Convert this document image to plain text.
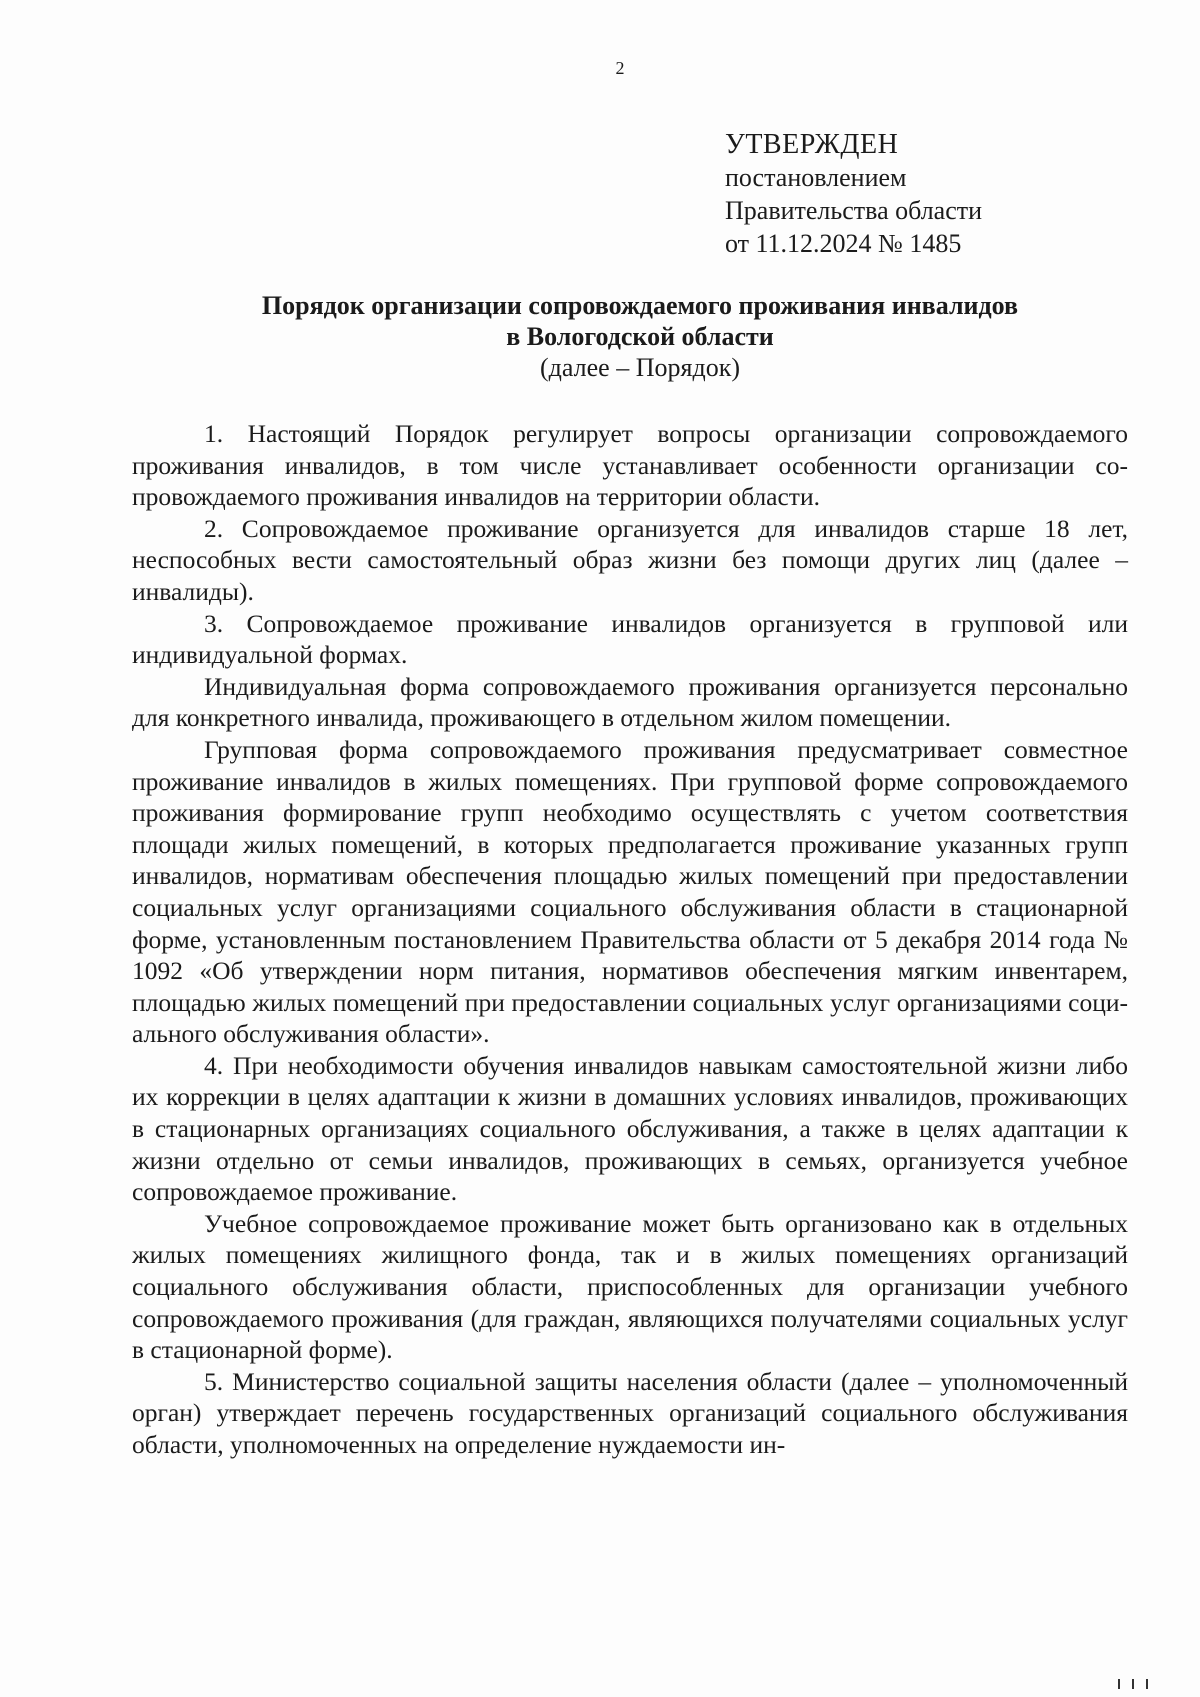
2
УТВЕРЖДЕН
постановлением
Правительства области
от 11.12.2024 № 1485
Порядок организации сопровождаемого проживания инвалидов
в Вологодской области
(далее – Порядок)

1. Настоящий Порядок регулирует вопросы организации сопровождаемого проживания инвалидов, в том числе устанавливает особенности организации сопровождаемого проживания инвалидов на территории области.

2. Сопровождаемое проживание организуется для инвалидов старше 18 лет, неспособных вести самостоятельный образ жизни без помощи других лиц (далее – инвалиды).

3. Сопровождаемое проживание инвалидов организуется в групповой или индивидуальной формах.

Индивидуальная форма сопровождаемого проживания организуется персонально для конкретного инвалида, проживающего в отдельном жилом помещении.

Групповая форма сопровождаемого проживания предусматривает совместное проживание инвалидов в жилых помещениях. При групповой форме сопровождаемого проживания формирование групп необходимо осуществлять с учетом соответствия площади жилых помещений, в которых предполагается проживание указанных групп инвалидов, нормативам обеспечения площадью жилых помещений при предоставлении социальных услуг организациями социального обслуживания области в стационарной форме, установленным постановлением Правительства области от 5 декабря 2014 года № 1092 «Об утверждении норм питания, нормативов обеспечения мягким инвентарем, площадью жилых помещений при предоставлении социальных услуг организациями социального обслуживания области».

4. При необходимости обучения инвалидов навыкам самостоятельной жизни либо их коррекции в целях адаптации к жизни в домашних условиях инвалидов, проживающих в стационарных организациях социального обслуживания, а также в целях адаптации к жизни отдельно от семьи инвалидов, проживающих в семьях, организуется учебное сопровождаемое проживание.

Учебное сопровождаемое проживание может быть организовано как в отдельных жилых помещениях жилищного фонда, так и в жилых помещениях организаций социального обслуживания области, приспособленных для организации учебного сопровождаемого проживания (для граждан, являющихся получателями социальных услуг в стационарной форме).

5. Министерство социальной защиты населения области (далее – уполномоченный орган) утверждает перечень государственных организаций социального обслуживания области, уполномоченных на определение нуждаемости ин-
